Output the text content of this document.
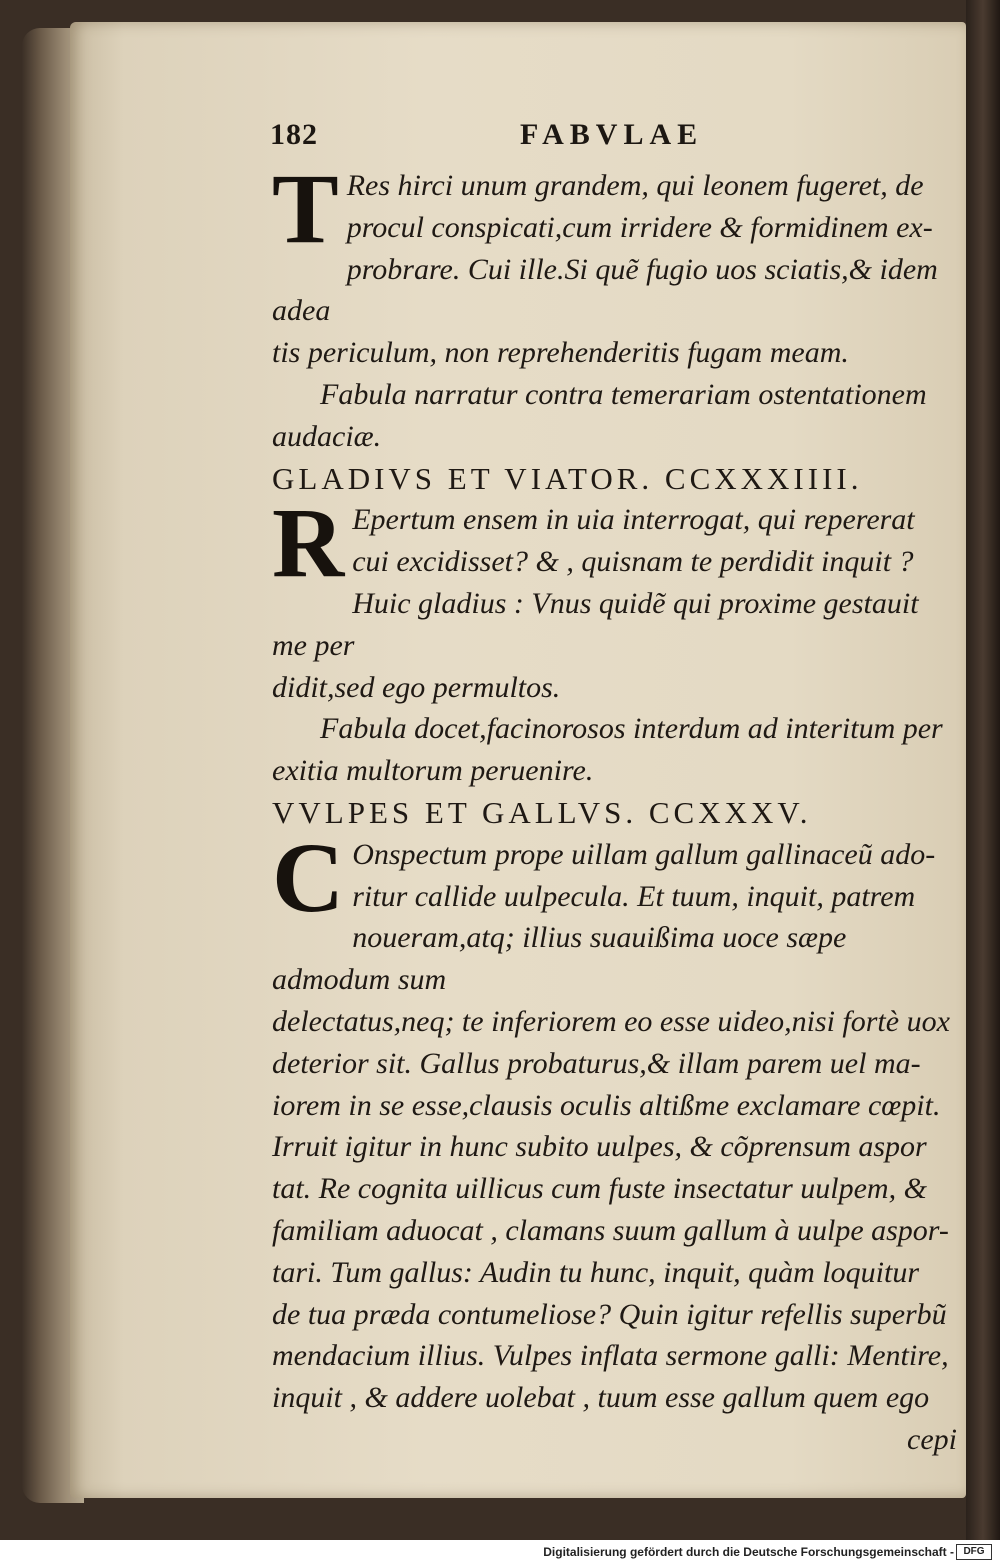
182	FABVLAE
T Res hirci unum grandem, qui leonem fugeret, de
procul conspicati,cum irridere & formidinem ex-
probrare. Cui ille.Si quẽ fugio uos sciatis,& idem adea
tis periculum, non reprehenderitis fugam meam.
Fabula narratur contra temerariam ostentationem
audaciæ.
GLADIVS ET VIATOR. CCXXXIIII.
R Epertum ensem in uia interrogat, qui repererat
cui excidisset? & , quisnam te perdidit inquit ?
Huic gladius : Vnus quidẽ qui proxime gestauit me per
didit,sed ego permultos.
Fabula docet,facinorosos interdum ad interitum per
exitia multorum peruenire.
VVLPES ET GALLVS. CCXXXV.
C Onspectum prope uillam gallum gallinaceũ ado-
ritur callide uulpecula. Et tuum, inquit, patrem
noueram,atq; illius suauißima uoce sæpe admodum sum
delectatus,neq; te inferiorem eo esse uideo,nisi fortè uox
deterior sit. Gallus probaturus,& illam parem uel ma-
iorem in se esse,clausis oculis altißme exclamare cœpit.
Irruit igitur in hunc subito uulpes, & cõprensum aspor
tat. Re cognita uillicus cum fuste insectatur uulpem, &
familiam aduocat , clamans suum gallum à uulpe aspor-
tari. Tum gallus: Audin tu hunc, inquit, quàm loquitur
de tua præda contumeliose? Quin igitur refellis superbũ
mendacium illius. Vulpes inflata sermone galli: Mentire,
inquit , & addere uolebat , tuum esse gallum quem ego
cepi
Digitalisierung gefördert durch die Deutsche Forschungsgemeinschaft - DFG
